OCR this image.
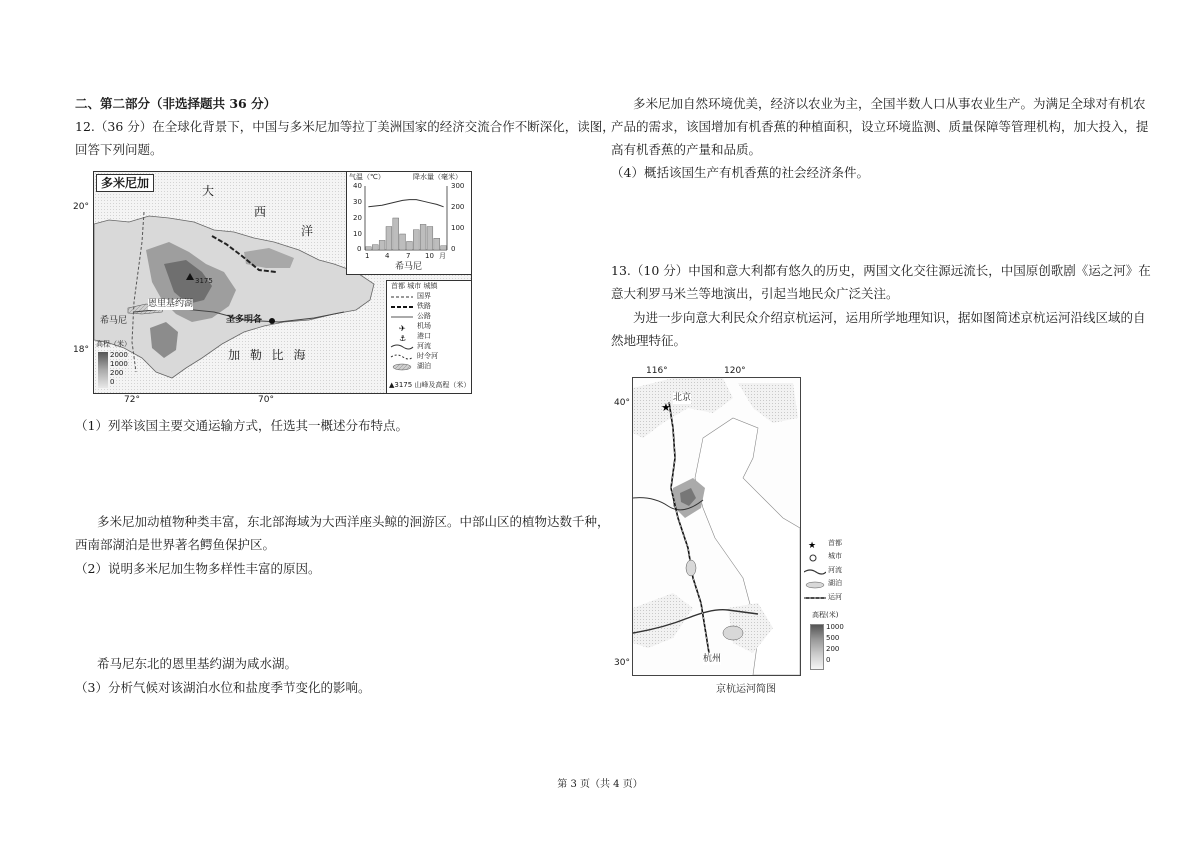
二、第二部分（非选择题共 36 分）
12.（36 分）在全球化背景下，中国与多米尼加等拉丁美洲国家的经济交流合作不断深化，读图，
回答下列问题。
多米尼加
大
西
洋
加 勒 比 海
希马尼
恩里基约湖
圣多明各
3175
高程（米）
2000
1000
200
0
气温（℃）	降水量（毫米）
40
30
20
10
0
300
200
100
0
1 4 7 10 月
希马尼
首都 城市 城镇
国界
铁路
公路
机场
港口
河流
时令河
湖泊
▲3175 山峰及高程（米）
✈
⚓
20°
18°
72°	70°
（1）列举该国主要交通运输方式，任选其一概述分布特点。
多米尼加动植物种类丰富，东北部海域为大西洋座头鲸的洄游区。中部山区的植物达数千种，
西南部湖泊是世界著名鳄鱼保护区。
（2）说明多米尼加生物多样性丰富的原因。
希马尼东北的恩里基约湖为咸水湖。
（3）分析气候对该湖泊水位和盐度季节变化的影响。
多米尼加自然环境优美，经济以农业为主，全国半数人口从事农业生产。为满足全球对有机农
产品的需求，该国增加有机香蕉的种植面积，设立环境监测、质量保障等管理机构，加大投入，提
高有机香蕉的产量和品质。
（4）概括该国生产有机香蕉的社会经济条件。
13.（10 分）中国和意大利都有悠久的历史，两国文化交往源远流长，中国原创歌剧《运之河》在
意大利罗马米兰等地演出，引起当地民众广泛关注。
为进一步向意大利民众介绍京杭运河，运用所学地理知识，据如图简述京杭运河沿线区域的自
然地理特征。
★
北京
杭州
116°	120°
40°
30°
★ 首都
城市
河流
湖泊
运河
高程(米)
1000
500
200
0
京杭运河简图
第 3 页（共 4 页）
